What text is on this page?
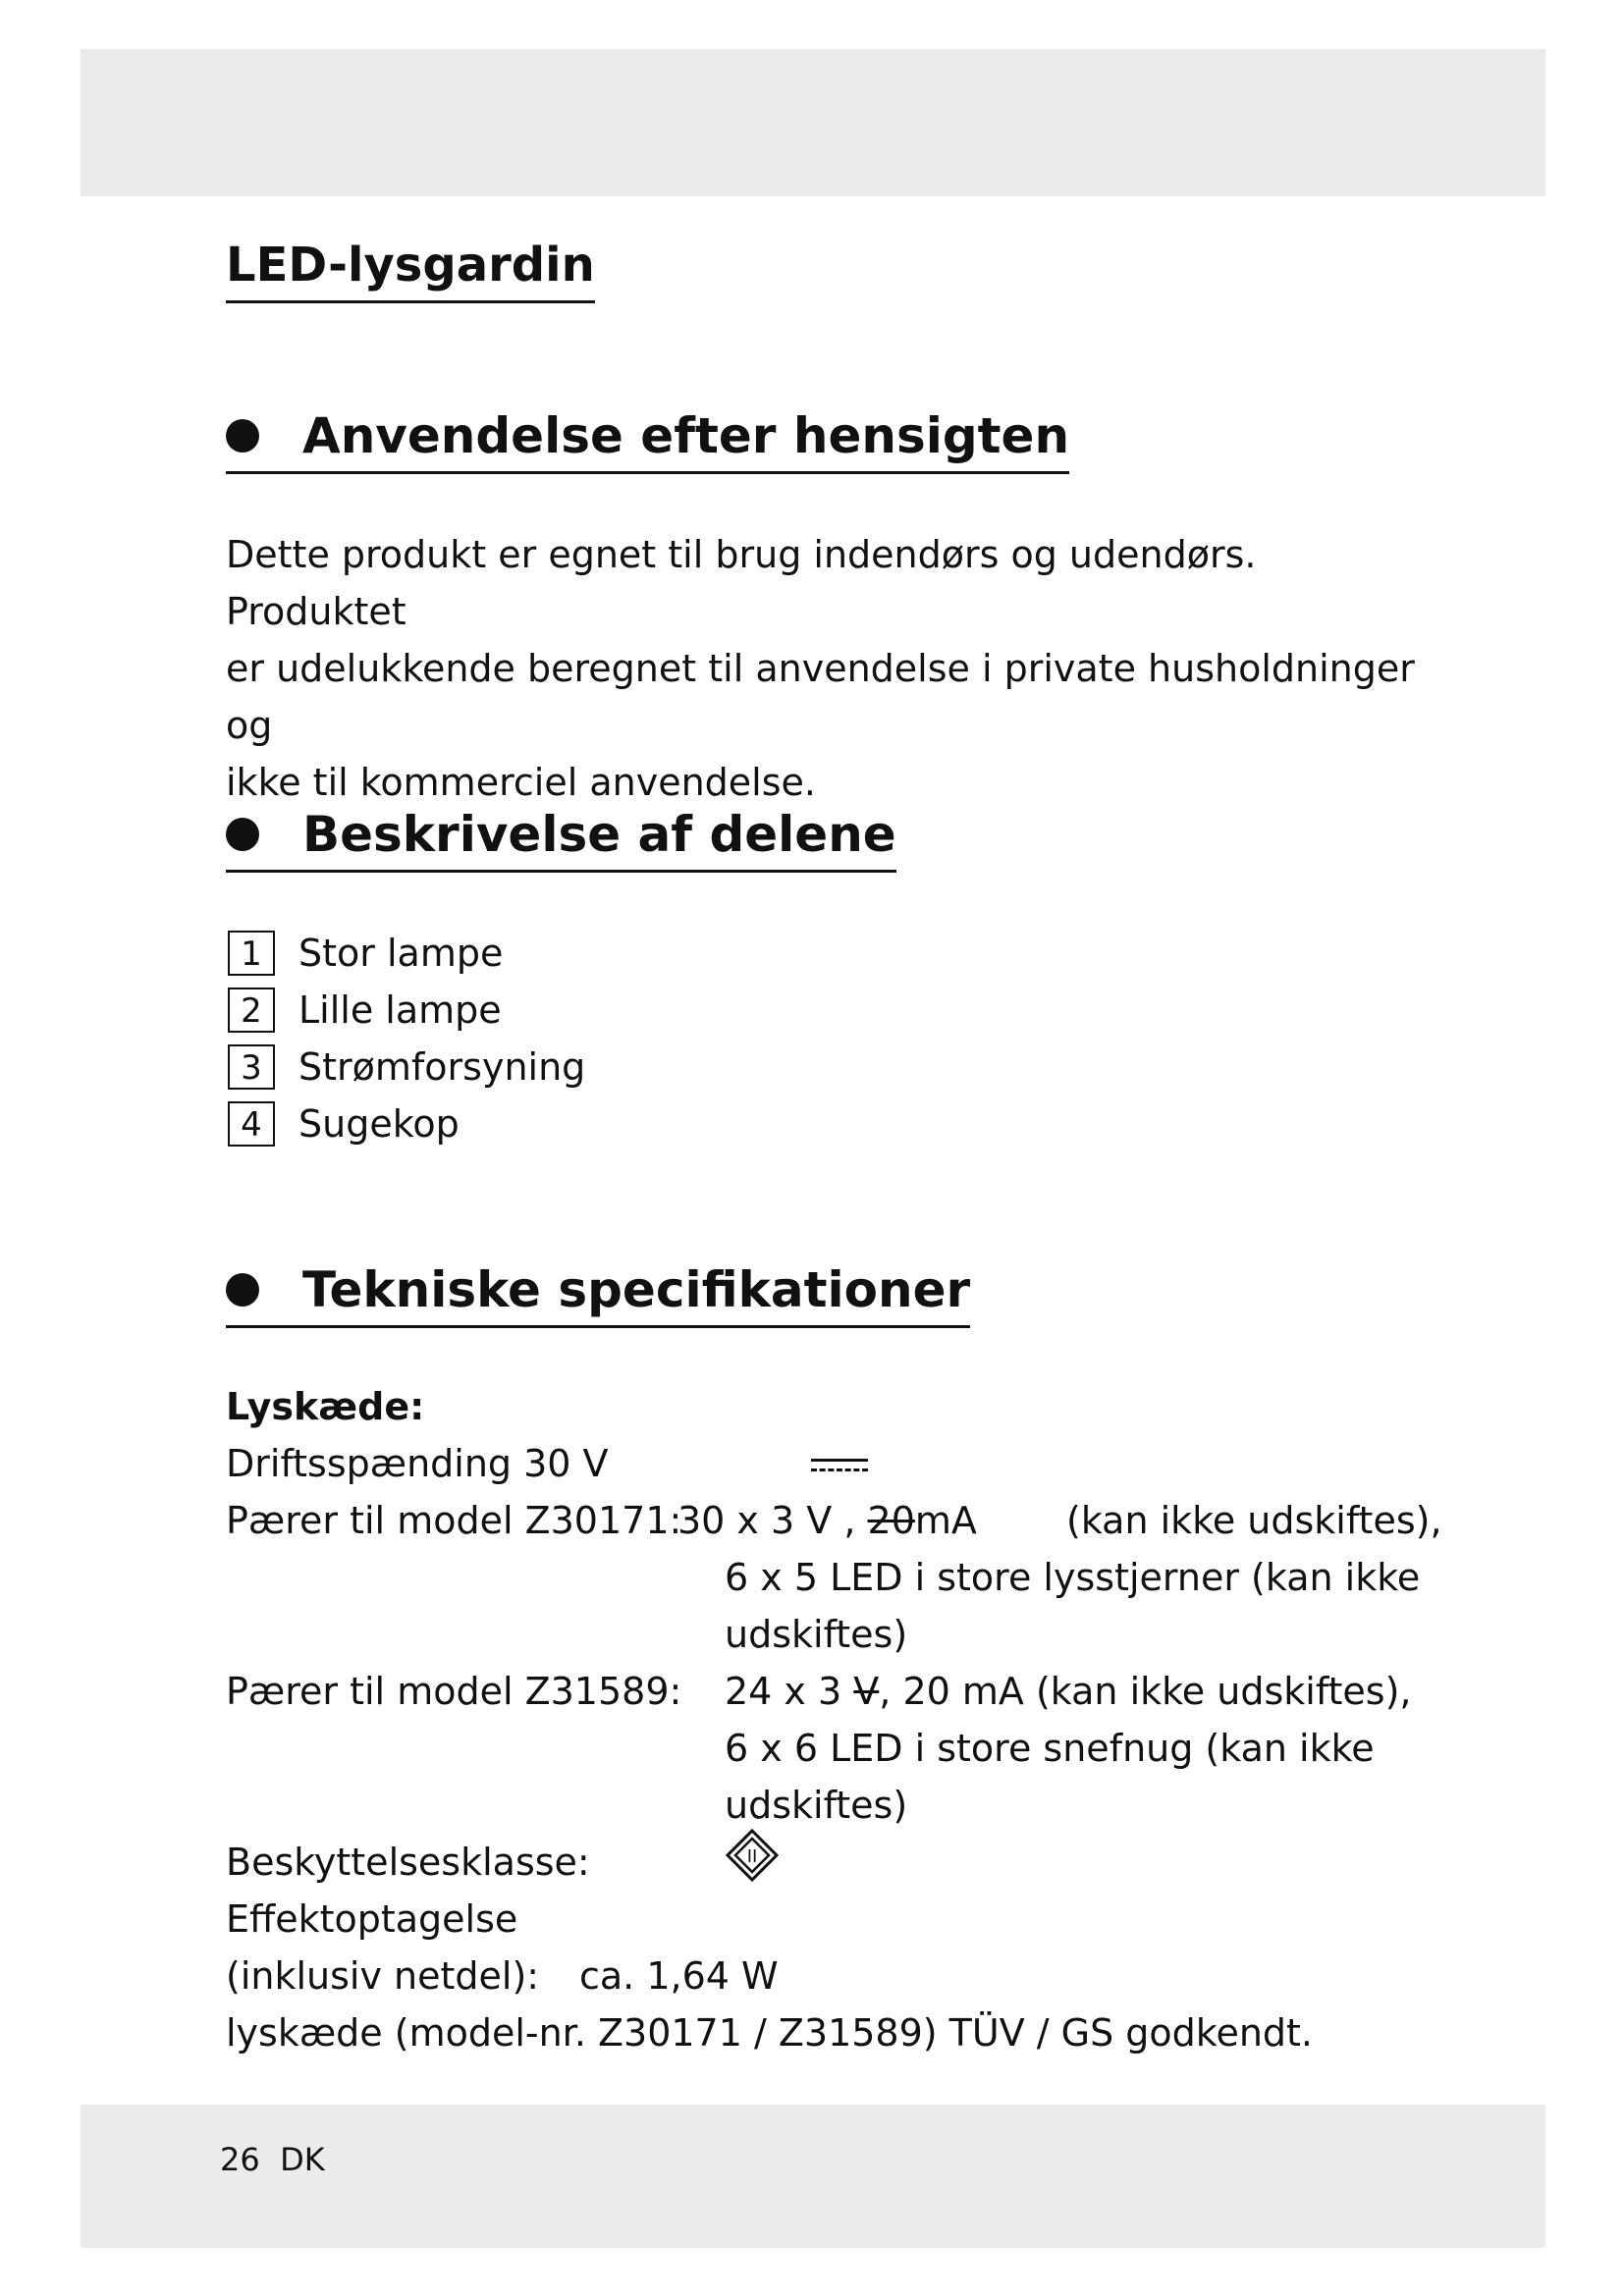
LED-lysgardin
Anvendelse efter hensigten
Dette produkt er egnet til brug indendørs og udendørs. Produktet
er udelukkende beregnet til anvendelse i private husholdninger og
ikke til kommerciel anvendelse.
Beskrivelse af delene
1 Stor lampe
2 Lille lampe
3 Strømforsyning
4 Sugekop
Tekniske specifikationer
Lyskæde:
Driftsspænding 30 V
Pærer til model Z30171:
30 x 3 V , 20mA (kan ikke udskiftes),
6 x 5 LED i store lysstjerner (kan ikke
udskiftes)
Pærer til model Z31589: 24 x 3 V, 20 mA (kan ikke udskiftes),
6 x 6 LED i store snefnug (kan ikke
udskiftes)
Beskyttelsesklasse:	II
Effektoptagelse
(inklusiv netdel): ca. 1,64 W
lyskæde (model-nr. Z30171 / Z31589) TÜV / GS godkendt.
26 DK
